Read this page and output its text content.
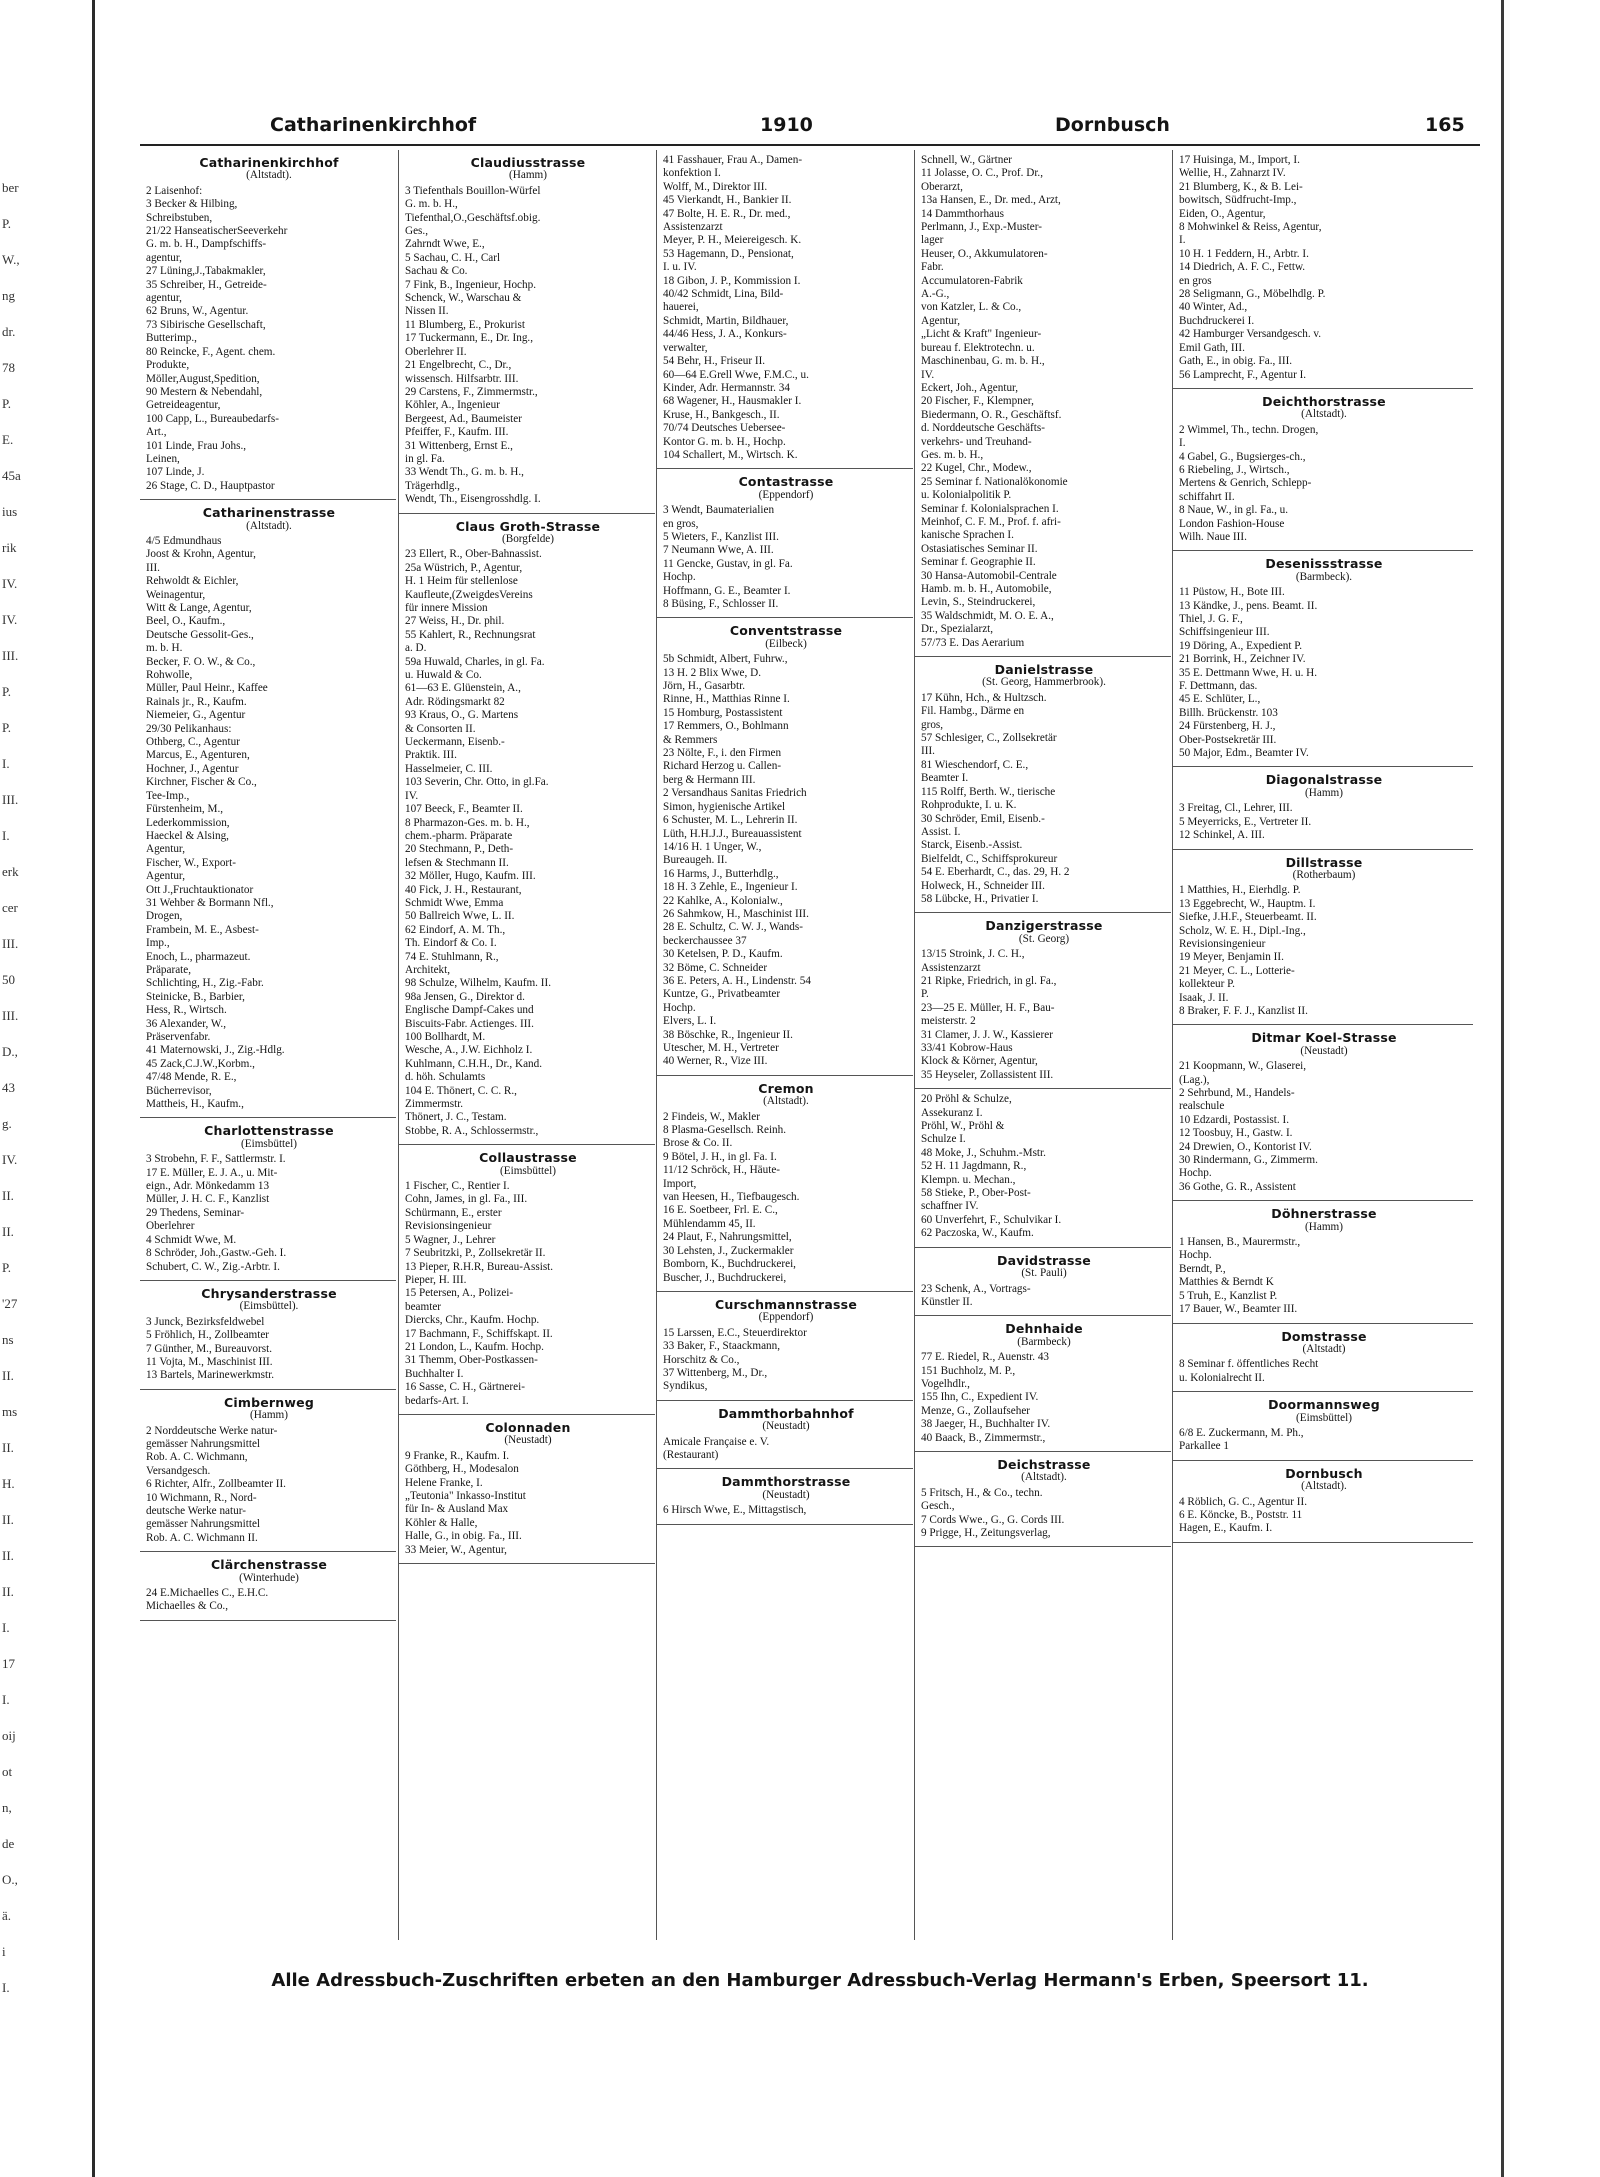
ber
P.
W.,
ng
dr.
78
P.
E.
45a
ius
rik
IV.
IV.
III.
P.
P.
I.
III.
I.
erk
cer
III.
50
III.
D.,
43
g.
IV.
II.
II.
P.
'27
ns
II.
ms
II.
H.
II.
II.
II.
I.
17
I.
oij
ot
n,
de
O.,
ä.
i
I.
Catharinenkirchhof	1910	Dornbusch	165
Catharinenkirchhof
(Altstadt).
2 Laisenhof:
3 Becker & Hilbing,
Schreibstuben,
21/22 HanseatischerSeeverkehr
G. m. b. H., Dampfschiffs-
agentur,
27 Lüning,J.,Tabakmakler,
35 Schreiber, H., Getreide-
agentur,
62 Bruns, W., Agentur.
73 Sibirische Gesellschaft,
Butterimp.,
80 Reincke, F., Agent. chem.
Produkte,
Möller,August,Spedition,
90 Mestern & Nebendahl,
Getreideagentur,
100 Capp, L., Bureaubedarfs-
Art.,
101 Linde, Frau Johs.,
Leinen,
107 Linde, J.
26 Stage, C. D., Hauptpastor
Catharinenstrasse
(Altstadt).
4/5 Edmundhaus
Joost & Krohn, Agentur,
III.
Rehwoldt & Eichler,
Weinagentur,
Witt & Lange, Agentur,
Beel, O., Kaufm.,
Deutsche Gessolit-Ges.,
m. b. H.
Becker, F. O. W., & Co.,
Rohwolle,
Müller, Paul Heinr., Kaffee
Rainals jr., R., Kaufm.
Niemeier, G., Agentur
29/30 Pelikanhaus:
Othberg, C., Agentur
Marcus, E., Agenturen,
Hochner, J., Agentur
Kirchner, Fischer & Co.,
Tee-Imp.,
Fürstenheim, M.,
Lederkommission,
Haeckel & Alsing,
Agentur,
Fischer, W., Export-
Agentur,
Ott J.,Fruchtauktionator
31 Wehber & Bormann Nfl.,
Drogen,
Frambein, M. E., Asbest-
Imp.,
Enoch, L., pharmazeut.
Präparate,
Schlichting, H., Zig.-Fabr.
Steinicke, B., Barbier,
Hess, R., Wirtsch.
36 Alexander, W.,
Präservenfabr.
41 Maternowski, J., Zig.-Hdlg.
45 Zack,C.J.W.,Korbm.,
47/48 Mende, R. E.,
Bücherrevisor,
Mattheis, H., Kaufm.,
Charlottenstrasse
(Eimsbüttel)
3 Strobehn, F. F., Sattlermstr. I.
17 E. Müller, E. J. A., u. Mit-
eign., Adr. Mönkedamm 13
Müller, J. H. C. F., Kanzlist
29 Thedens, Seminar-
Oberlehrer
4 Schmidt Wwe, M.
8 Schröder, Joh.,Gastw.-Geh. I.
Schubert, C. W., Zig.-Arbtr. I.
Chrysanderstrasse
(Eimsbüttel).
3 Junck, Bezirksfeldwebel
5 Fröhlich, H., Zollbeamter
7 Günther, M., Bureauvorst.
11 Vojta, M., Maschinist III.
13 Bartels, Marinewerkmstr.
Cimbernweg
(Hamm)
2 Norddeutsche Werke natur-
gemässer Nahrungsmittel
Rob. A. C. Wichmann,
Versandgesch.
6 Richter, Alfr., Zollbeamter II.
10 Wichmann, R., Nord-
deutsche Werke natur-
gemässer Nahrungsmittel
Rob. A. C. Wichmann II.
Clärchenstrasse
(Winterhude)
24 E.Michaelles C., E.H.C.
Michaelles & Co.,
Claudiusstrasse
(Hamm)
3 Tiefenthals Bouillon-Würfel
G. m. b. H.,
Tiefenthal,O.,Geschäftsf.obig.
Ges.,
Zahrndt Wwe, E.,
5 Sachau, C. H., Carl
Sachau & Co.
7 Fink, B., Ingenieur, Hochp.
Schenck, W., Warschau &
Nissen II.
11 Blumberg, E., Prokurist
17 Tuckermann, E., Dr. Ing.,
Oberlehrer II.
21 Engelbrecht, C., Dr.,
wissensch. Hilfsarbtr. III.
29 Carstens, F., Zimmermstr.,
Köhler, A., Ingenieur
Bergeest, Ad., Baumeister
Pfeiffer, F., Kaufm. III.
31 Wittenberg, Ernst E.,
in gl. Fa.
33 Wendt Th., G. m. b. H.,
Trägerhdlg.,
Wendt, Th., Eisengrosshdlg. I.
Claus Groth-Strasse
(Borgfelde)
23 Ellert, R., Ober-Bahnassist.
25a Wüstrich, P., Agentur,
H. 1 Heim für stellenlose
Kaufleute,(ZweigdesVereins
für innere Mission
27 Weiss, H., Dr. phil.
55 Kahlert, R., Rechnungsrat
a. D.
59a Huwald, Charles, in gl. Fa.
u. Huwald & Co.
61—63 E. Glüenstein, A.,
Adr. Rödingsmarkt 82
93 Kraus, O., G. Martens
& Consorten II.
Ueckermann, Eisenb.-
Praktik. III.
Hasselmeier, C. III.
103 Severin, Chr. Otto, in gl.Fa.
IV.
107 Beeck, F., Beamter II.
8 Pharmazon-Ges. m. b. H.,
chem.-pharm. Präparate
20 Stechmann, P., Deth-
lefsen & Stechmann II.
32 Möller, Hugo, Kaufm. III.
40 Fick, J. H., Restaurant,
Schmidt Wwe, Emma
50 Ballreich Wwe, L. II.
62 Eindorf, A. M. Th.,
Th. Eindorf & Co. I.
74 E. Stuhlmann, R.,
Architekt,
98 Schulze, Wilhelm, Kaufm. II.
98a Jensen, G., Direktor d.
Englische Dampf-Cakes und
Biscuits-Fabr. Actienges. III.
100 Bollhardt, M.
Wesche, A., J.W. Eichholz I.
Kuhlmann, C.H.H., Dr., Kand.
d. höh. Schulamts
104 E. Thönert, C. C. R.,
Zimmermstr.
Thönert, J. C., Testam.
Stobbe, R. A., Schlossermstr.,
Collaustrasse
(Eimsbüttel)
1 Fischer, C., Rentier I.
Cohn, James, in gl. Fa., III.
Schürmann, E., erster
Revisionsingenieur
5 Wagner, J., Lehrer
7 Seubritzki, P., Zollsekretär II.
13 Pieper, R.H.R, Bureau-Assist.
Pieper, H. III.
15 Petersen, A., Polizei-
beamter
Diercks, Chr., Kaufm. Hochp.
17 Bachmann, F., Schiffskapt. II.
21 London, L., Kaufm. Hochp.
31 Themm, Ober-Postkassen-
Buchhalter I.
16 Sasse, C. H., Gärtnerei-
bedarfs-Art. I.
Colonnaden
(Neustadt)
9 Franke, R., Kaufm. I.
Göthberg, H., Modesalon
Helene Franke, I.
„Teutonia" Inkasso-Institut
für In- & Ausland Max
Köhler & Halle,
Halle, G., in obig. Fa., III.
33 Meier, W., Agentur,
41 Fasshauer, Frau A., Damen-
konfektion I.
Wolff, M., Direktor III.
45 Vierkandt, H., Bankier II.
47 Bolte, H. E. R., Dr. med.,
Assistenzarzt
Meyer, P. H., Meiereigesch. K.
53 Hagemann, D., Pensionat,
I. u. IV.
18 Gibon, J. P., Kommission I.
40/42 Schmidt, Lina, Bild-
hauerei,
Schmidt, Martin, Bildhauer,
44/46 Hess, J. A., Konkurs-
verwalter,
54 Behr, H., Friseur II.
60—64 E.Grell Wwe, F.M.C., u.
Kinder, Adr. Hermannstr. 34
68 Wagener, H., Hausmakler I.
Kruse, H., Bankgesch., II.
70/74 Deutsches Uebersee-
Kontor G. m. b. H., Hochp.
104 Schallert, M., Wirtsch. K.
Contastrasse
(Eppendorf)
3 Wendt, Baumaterialien
en gros,
5 Wieters, F., Kanzlist III.
7 Neumann Wwe, A. III.
11 Gencke, Gustav, in gl. Fa.
Hochp.
Hoffmann, G. E., Beamter I.
8 Büsing, F., Schlosser II.
Conventstrasse
(Eilbeck)
5b Schmidt, Albert, Fuhrw.,
13 H. 2 Blix Wwe, D.
Jörn, H., Gasarbtr.
Rinne, H., Matthias Rinne I.
15 Homburg, Postassistent
17 Remmers, O., Bohlmann
& Remmers
23 Nölte, F., i. den Firmen
Richard Herzog u. Callen-
berg & Hermann III.
2 Versandhaus Sanitas Friedrich
Simon, hygienische Artikel
6 Schuster, M. L., Lehrerin II.
Lüth, H.H.J.J., Bureauassistent
14/16 H. 1 Unger, W.,
Bureaugeh. II.
16 Harms, J., Butterhdlg.,
18 H. 3 Zehle, E., Ingenieur I.
22 Kahlke, A., Kolonialw.,
26 Sahmkow, H., Maschinist III.
28 E. Schultz, C. W. J., Wands-
beckerchaussee 37
30 Ketelsen, P. D., Kaufm.
32 Böme, C. Schneider
36 E. Peters, A. H., Lindenstr. 54
Kuntze, G., Privatbeamter
Hochp.
Elvers, L. I.
38 Böschke, R., Ingenieur II.
Utescher, M. H., Vertreter
40 Werner, R., Vize III.
Cremon
(Altstadt).
2 Findeis, W., Makler
8 Plasma-Gesellsch. Reinh.
Brose & Co. II.
9 Bötel, J. H., in gl. Fa. I.
11/12 Schröck, H., Häute-
Import,
van Heesen, H., Tiefbaugesch.
16 E. Soetbeer, Frl. E. C.,
Mühlendamm 45, II.
24 Plaut, F., Nahrungsmittel,
30 Lehsten, J., Zuckermakler
Bomborn, K., Buchdruckerei,
Buscher, J., Buchdruckerei,
Curschmannstrasse
(Eppendorf)
15 Larssen, E.C., Steuerdirektor
33 Baker, F., Staackmann,
Horschitz & Co.,
37 Wittenberg, M., Dr.,
Syndikus,
Dammthorbahnhof
(Neustadt)
Amicale Française e. V.
(Restaurant)
Dammthorstrasse
(Neustadt)
6 Hirsch Wwe, E., Mittagstisch,
Schnell, W., Gärtner
11 Jolasse, O. C., Prof. Dr.,
Oberarzt,
13a Hansen, E., Dr. med., Arzt,
14 Dammthorhaus
Perlmann, J., Exp.-Muster-
lager
Heuser, O., Akkumulatoren-
Fabr.
Accumulatoren-Fabrik
A.-G.,
von Katzler, L. & Co.,
Agentur,
„Licht & Kraft" Ingenieur-
bureau f. Elektrotechn. u.
Maschinenbau, G. m. b. H.,
IV.
Eckert, Joh., Agentur,
20 Fischer, F., Klempner,
Biedermann, O. R., Geschäftsf.
d. Norddeutsche Geschäfts-
verkehrs- und Treuhand-
Ges. m. b. H.,
22 Kugel, Chr., Modew.,
25 Seminar f. Nationalökonomie
u. Kolonialpolitik P.
Seminar f. Kolonialsprachen I.
Meinhof, C. F. M., Prof. f. afri-
kanische Sprachen I.
Ostasiatisches Seminar II.
Seminar f. Geographie II.
30 Hansa-Automobil-Centrale
Hamb. m. b. H., Automobile,
Levin, S., Steindruckerei,
35 Waldschmidt, M. O. E. A.,
Dr., Spezialarzt,
57/73 E. Das Aerarium
Danielstrasse
(St. Georg, Hammerbrook).
17 Kühn, Hch., & Hultzsch.
Fil. Hambg., Därme en
gros,
57 Schlesiger, C., Zollsekretär
III.
81 Wieschendorf, C. E.,
Beamter I.
115 Rolff, Berth. W., tierische
Rohprodukte, I. u. K.
30 Schröder, Emil, Eisenb.-
Assist. I.
Starck, Eisenb.-Assist.
Bielfeldt, C., Schiffsprokureur
54 E. Eberhardt, C., das. 29, H. 2
Holweck, H., Schneider III.
58 Lübcke, H., Privatier I.
Danzigerstrasse
(St. Georg)
13/15 Stroink, J. C. H.,
Assistenzarzt
21 Ripke, Friedrich, in gl. Fa.,
P.
23—25 E. Müller, H. F., Bau-
meisterstr. 2
31 Clamer, J. J. W., Kassierer
33/41 Kobrow-Haus
Klock & Körner, Agentur,
35 Heyseler, Zollassistent III.
20 Pröhl & Schulze,
Assekuranz I.
Pröhl, W., Pröhl &
Schulze I.
48 Moke, J., Schuhm.-Mstr.
52 H. 11 Jagdmann, R.,
Klempn. u. Mechan.,
58 Stieke, P., Ober-Post-
schaffner IV.
60 Unverfehrt, F., Schulvikar I.
62 Paczoska, W., Kaufm.
Davidstrasse
(St. Pauli)
23 Schenk, A., Vortrags-
Künstler II.
Dehnhaide
(Barmbeck)
77 E. Riedel, R., Auenstr. 43
151 Buchholz, M. P.,
Vogelhdlr.,
155 Ihn, C., Expedient IV.
Menze, G., Zollaufseher
38 Jaeger, H., Buchhalter IV.
40 Baack, B., Zimmermstr.,
Deichstrasse
(Altstadt).
5 Fritsch, H., & Co., techn.
Gesch.,
7 Cords Wwe., G., G. Cords III.
9 Prigge, H., Zeitungsverlag,
17 Huisinga, M., Import, I.
Wellie, H., Zahnarzt IV.
21 Blumberg, K., & B. Lei-
bowitsch, Südfrucht-Imp.,
Eiden, O., Agentur,
8 Mohwinkel & Reiss, Agentur,
I.
10 H. 1 Feddern, H., Arbtr. I.
14 Diedrich, A. F. C., Fettw.
en gros
28 Seligmann, G., Möbelhdlg. P.
40 Winter, Ad.,
Buchdruckerei I.
42 Hamburger Versandgesch. v.
Emil Gath, III.
Gath, E., in obig. Fa., III.
56 Lamprecht, F., Agentur I.
Deichthorstrasse
(Altstadt).
2 Wimmel, Th., techn. Drogen,
I.
4 Gabel, G., Bugsierges-ch.,
6 Riebeling, J., Wirtsch.,
Mertens & Genrich, Schlepp-
schiffahrt II.
8 Naue, W., in gl. Fa., u.
London Fashion-House
Wilh. Naue III.
Desenissstrasse
(Barmbeck).
11 Püstow, H., Bote III.
13 Kändke, J., pens. Beamt. II.
Thiel, J. G. F.,
Schiffsingenieur III.
19 Döring, A., Expedient P.
21 Borrink, H., Zeichner IV.
35 E. Dettmann Wwe, H. u. H.
F. Dettmann, das.
45 E. Schlüter, L.,
Billh. Brückenstr. 103
24 Fürstenberg, H. J.,
Ober-Postsekretär III.
50 Major, Edm., Beamter IV.
Diagonalstrasse
(Hamm)
3 Freitag, Cl., Lehrer, III.
5 Meyerricks, E., Vertreter II.
12 Schinkel, A. III.
Dillstrasse
(Rotherbaum)
1 Matthies, H., Eierhdlg. P.
13 Eggebrecht, W., Hauptm. I.
Siefke, J.H.F., Steuerbeamt. II.
Scholz, W. E. H., Dipl.-Ing.,
Revisionsingenieur
19 Meyer, Benjamin II.
21 Meyer, C. L., Lotterie-
kollekteur P.
Isaak, J. II.
8 Braker, F. F. J., Kanzlist II.
Ditmar Koel-Strasse
(Neustadt)
21 Koopmann, W., Glaserei,
(Lag.),
2 Sehrbund, M., Handels-
realschule
10 Edzardi, Postassist. I.
12 Toosbuy, H., Gastw. I.
24 Drewien, O., Kontorist IV.
30 Rindermann, G., Zimmerm.
Hochp.
36 Gothe, G. R., Assistent
Döhnerstrasse
(Hamm)
1 Hansen, B., Maurermstr.,
Hochp.
Berndt, P.,
Matthies & Berndt K
5 Truh, E., Kanzlist P.
17 Bauer, W., Beamter III.
Domstrasse
(Altstadt)
8 Seminar f. öffentliches Recht
u. Kolonialrecht II.
Doormannsweg
(Eimsbüttel)
6/8 E. Zuckermann, M. Ph.,
Parkallee 1
Dornbusch
(Altstadt).
4 Röblich, G. C., Agentur II.
6 E. Köncke, B., Poststr. 11
Hagen, E., Kaufm. I.
Alle Adressbuch-Zuschriften erbeten an den Hamburger Adressbuch-Verlag Hermann's Erben, Speersort 11.
